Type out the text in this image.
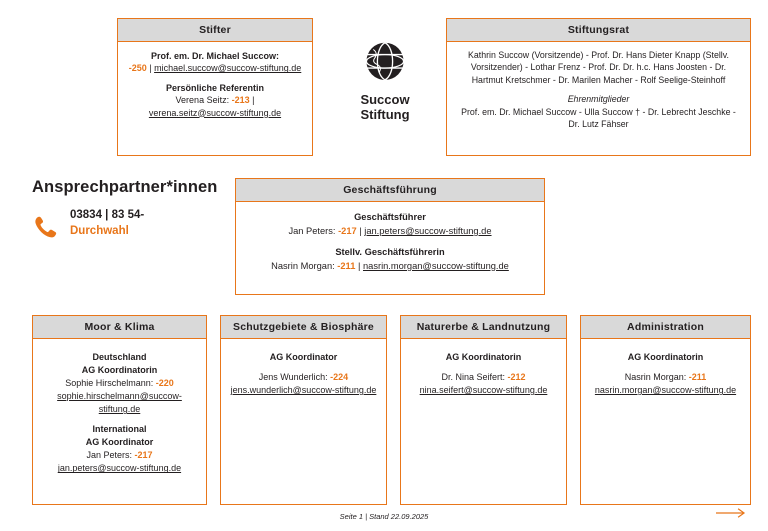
Stifter
Prof. em. Dr. Michael Succow:
-250 | michael.succow@succow-stiftung.de
Persönliche Referentin
Verena Seitz: -213 |
verena.seitz@succow-stiftung.de
Succow
Stiftung
Stiftungsrat
Kathrin Succow (Vorsitzende) - Prof. Dr. Hans Dieter Knapp (Stellv. Vorsitzender) - Lothar Frenz - Prof. Dr. Dr. h.c. Hans Joosten - Dr. Hartmut Kretschmer - Dr. Marilen Macher - Rolf Seelige-Steinhoff
Ehrenmitglieder
Prof. em. Dr. Michael Succow - Ulla Succow † - Dr. Lebrecht Jeschke - Dr. Lutz Fähser
Ansprechpartner*innen
03834 | 83 54-
Durchwahl
Geschäftsführung
Geschäftsführer
Jan Peters: -217 | jan.peters@succow-stiftung.de
Stellv. Geschäftsführerin
Nasrin Morgan: -211 | nasrin.morgan@succow-stiftung.de
Moor & Klima
Deutschland
AG Koordinatorin
Sophie Hirschelmann: -220
sophie.hirschelmann@succow-stiftung.de
International
AG Koordinator
Jan Peters: -217
jan.peters@succow-stiftung.de
Schutzgebiete & Biosphäre
AG Koordinator
Jens Wunderlich: -224
jens.wunderlich@succow-stiftung.de
Naturerbe & Landnutzung
AG Koordinatorin
Dr. Nina Seifert: -212
nina.seifert@succow-stiftung.de
Administration
AG Koordinatorin
Nasrin Morgan: -211
nasrin.morgan@succow-stiftung.de
Seite 1 | Stand 22.09.2025
